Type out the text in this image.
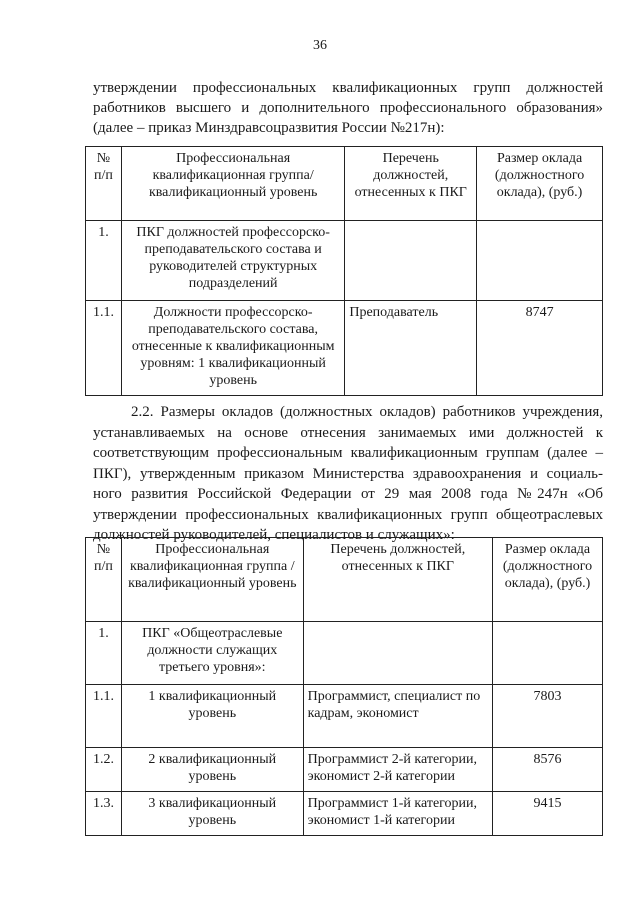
36
утверждении профессиональных квалификационных групп должностей
работников высшего и дополнительного профессионального образования»
(далее – приказ Минздравсоцразвития России №217н):
№ п/п	Профессиональная квалификационная группа/ квалификационный уровень	Перечень должностей, отнесенных к ПКГ	Размер оклада (должностного оклада), (руб.)
1.	ПКГ должностей профессорско-преподавательского состава и руководителей структурных подразделений		
1.1.	Должности профессорско-преподавательского состава, отнесенные к квалификационным уровням: 1 квалификационный уровень	Преподаватель	8747
2.2. Размеры окладов (должностных окладов) работников учреждения,
устанавливаемых на основе отнесения занимаемых ими должностей к
соответствующим профессиональным квалификационным группам (далее –
ПКГ), утвержденным приказом Министерства здравоохранения и социаль-
ного развития Российской Федерации от 29 мая 2008 года №247н «Об
утверждении профессиональных квалификационных групп общеотраслевых
должностей руководителей, специалистов и служащих»:
№ п/п	Профессиональная квалификационная группа / квалификационный уровень	Перечень должностей, отнесенных к ПКГ	Размер оклада (должностного оклада), (руб.)
1.	ПКГ «Общеотраслевые должности служащих третьего уровня»:		
1.1.	1 квалификационный уровень	Программист, специалист по кадрам, экономист	7803
1.2.	2 квалификационный уровень	Программист 2-й категории, экономист 2-й категории	8576
1.3.	3 квалификационный уровень	Программист 1-й категории, экономист 1-й категории	9415
